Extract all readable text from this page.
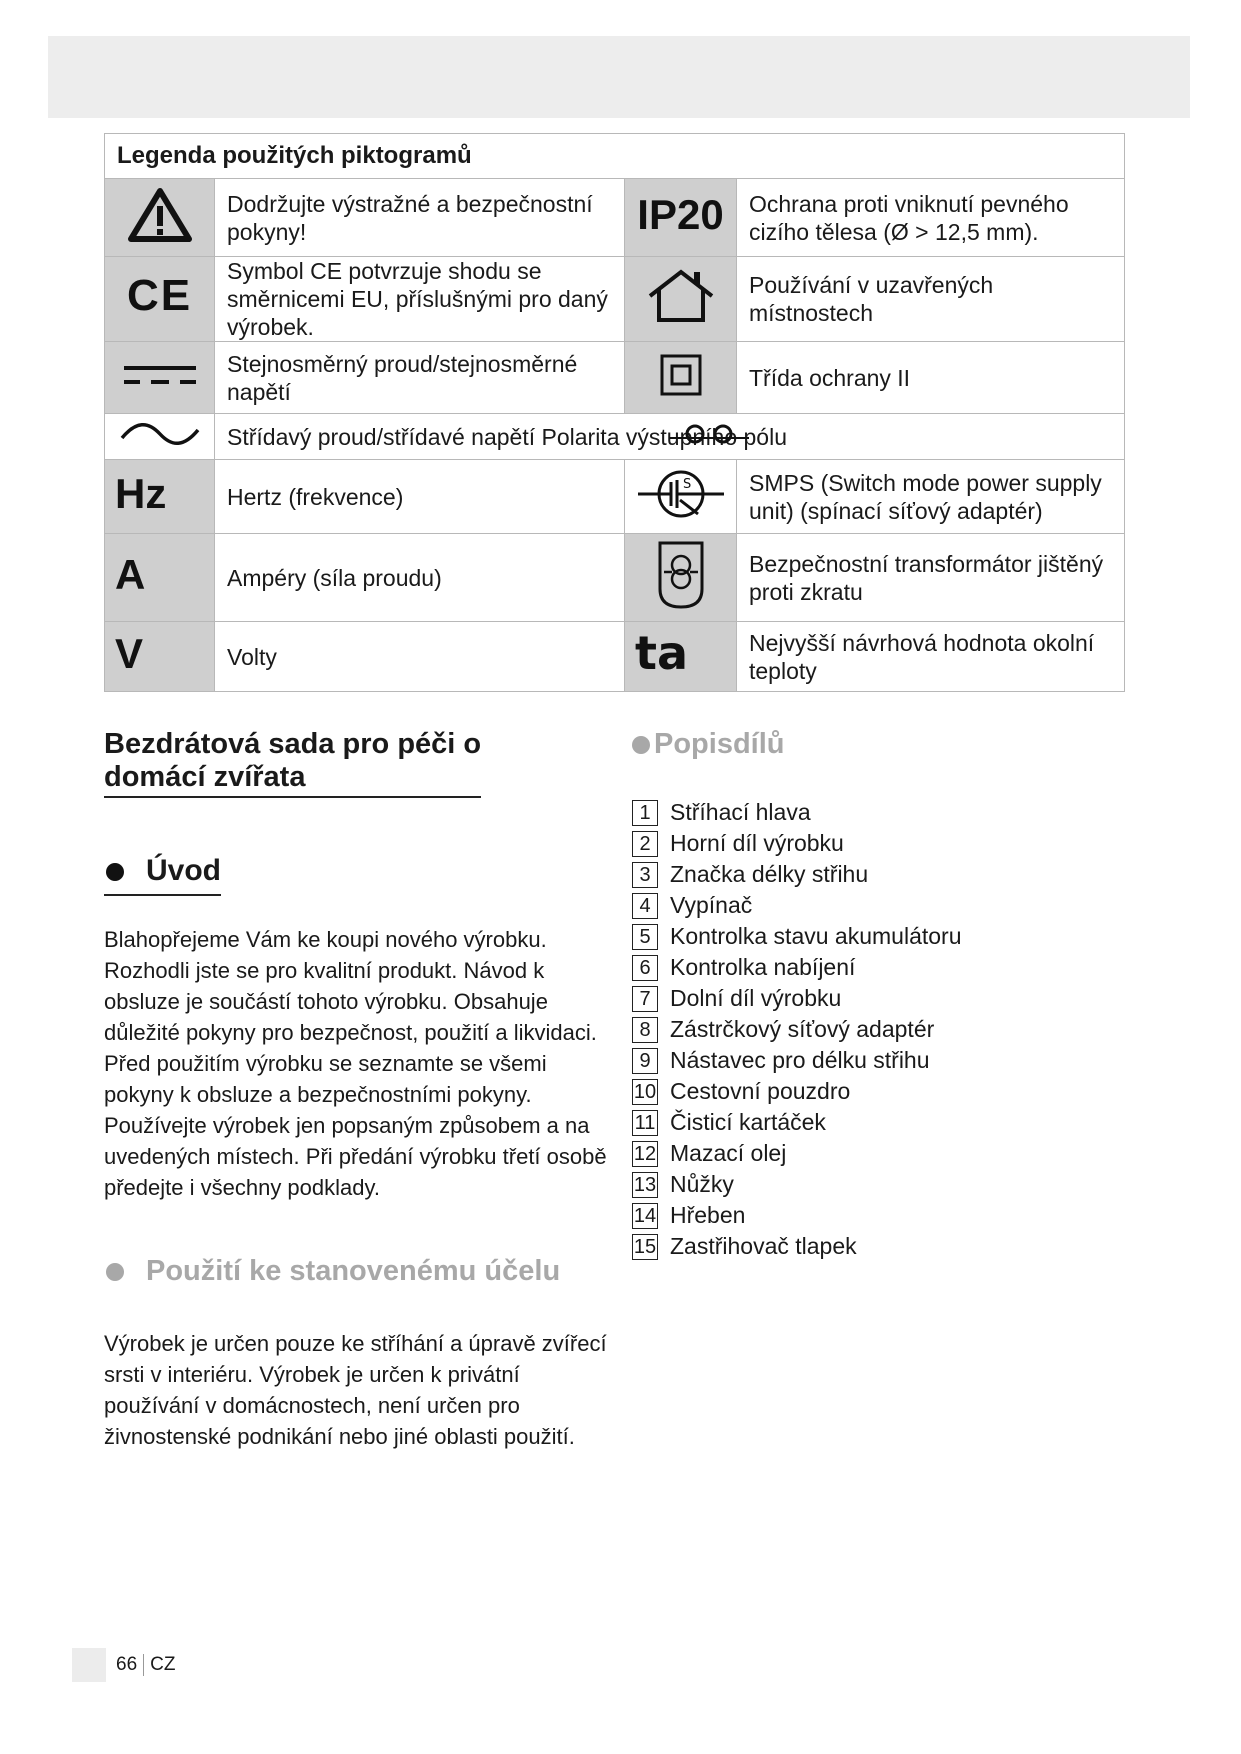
Legenda použitých piktogramů			
	Dodržujte výstražné a bezpečnostní pokyny!	IP20	Ochrana proti vniknutí pevného cizího tělesa (Ø > 12,5 mm).
CE	Symbol CE potvrzuje shodu se směrnicemi EU, příslušnými pro daný výrobek.		Používání v uzavřených místnostech
	Stejnosměrný proud/stejnosměrné napětí		Třída ochrany II
	Střídavý proud/střídavé napětí Polarita výstupního pólu		

Hz	Hertz (frekvence)	S	SMPS (Switch mode power supply unit) (spínací síťový adaptér)
A	Ampéry (síla proudu)		Bezpečnostní transformátor jištěný proti zkratu
V	Volty	ta	Nejvyšší návrhová hodnota okolní teploty
Bezdrátová sada pro péči o
domácí zvířata
Úvod

Blahopřejeme Vám ke koupi nového výrobku. Rozhodli jste se pro kvalitní produkt. Návod k obsluze je součástí tohoto výrobku. Obsahuje důležité pokyny pro bezpečnost, použití a likvidaci. Před použitím výrobku se seznamte se všemi pokyny k obsluze a bezpečnostními pokyny. Používejte výrobek jen popsaným způsobem a na uvedených místech. Při předání výrobku třetí osobě předejte i všechny podklady.

Použití ke stanovenému účelu

Výrobek je určen pouze ke stříhání a úpravě zvířecí srsti v interiéru. Výrobek je určen k privátní používání v domácnostech, není určen pro živnostenské podnikání nebo jiné oblasti použití.

Popisdílů
1 Stříhací hlava
2 Horní díl výrobku
3 Značka délky střihu
4 Vypínač
5 Kontrolka stavu akumulátoru
6 Kontrolka nabíjení
7 Dolní díl výrobku
8 Zástrčkový síťový adaptér
9 Nástavec pro délku střihu
10 Cestovní pouzdro
11 Čisticí kartáček
12 Mazací olej
13 Nůžky
14 Hřeben
15 Zastřihovač tlapek
66 CZ
